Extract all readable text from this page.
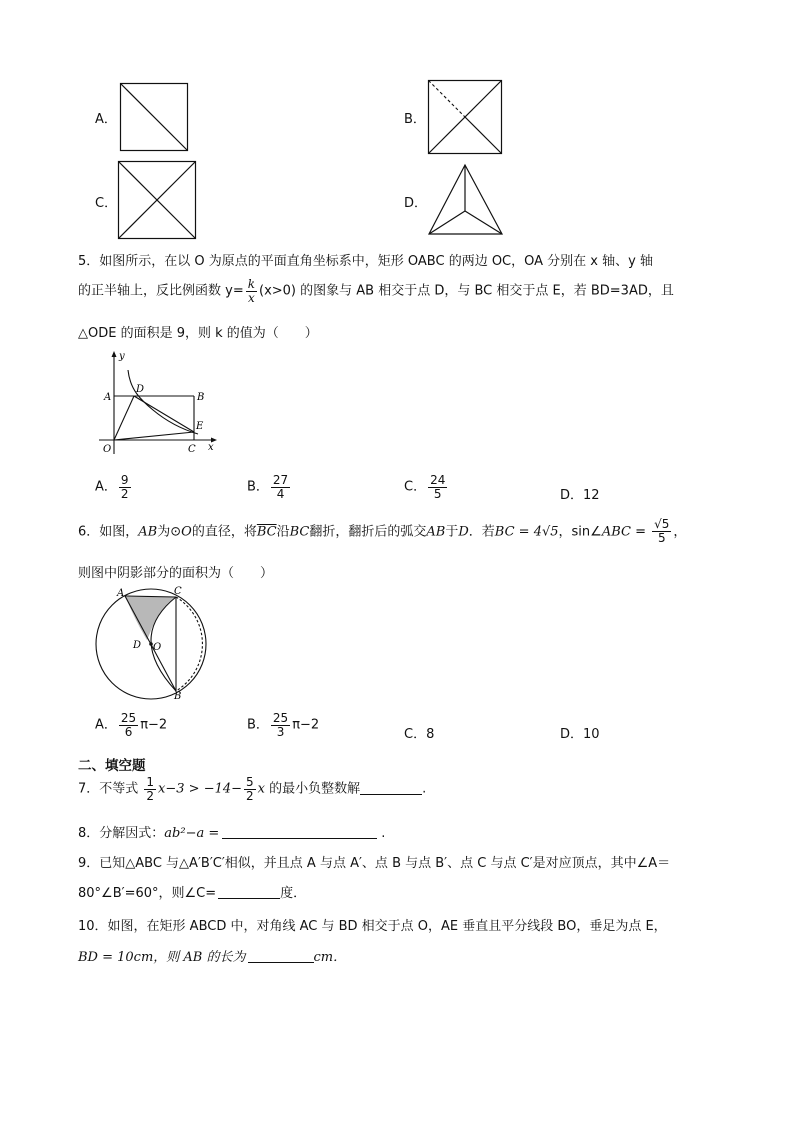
A．	B．
C．	D．
5．如图所示，在以 O 为原点的平面直角坐标系中，矩形 OABC 的两边 OC，OA 分别在 x 轴、y 轴
的正半轴上，反比例函数 $y= \frac{k}{x} (x>0)$ 的图象与 AB 相交于点 D，与 BC 相交于点 E，若 BD=3AD，且
△ODE 的面积是 9，则 k 的值为（　　）
y
x
A	B
C
D
E
O
A． $\frac{9}{2}$	B． $\frac{27}{4}$	C． $\frac{24}{5}$	D．12
6．如图，AB为⊙O的直径，将$\overline{BC}$沿BC翻折，翻折后的弧交AB于D．若BC = 4√5，sin∠ABC = $\frac{√5}{5}$ ，
则图中阴影部分的面积为（　　）
A
B
C
D O
A． $\frac{25}{6} \pi-2$	B． $\frac{25}{3} \pi-2$
C．8	D．10
二、填空题
7．不等式 $\frac{1}{2} x-3 > -14- \frac{5}{2}$ x 的最小负整数解	.
8．分解因式：ab²−a =	.
9．已知△ABC 与△A′B′C′相似，并且点 A 与点 A′、点 B 与点 B′、点 C 与点 C′是对应顶点，其中∠A＝
80°∠B′=60°，则∠C=	度．
10．如图，在矩形 ABCD 中，对角线 AC 与 BD 相交于点 O，AE 垂直且平分线段 BO，垂足为点 E，
BD = 10cm，则 AB 的长为	cm．
